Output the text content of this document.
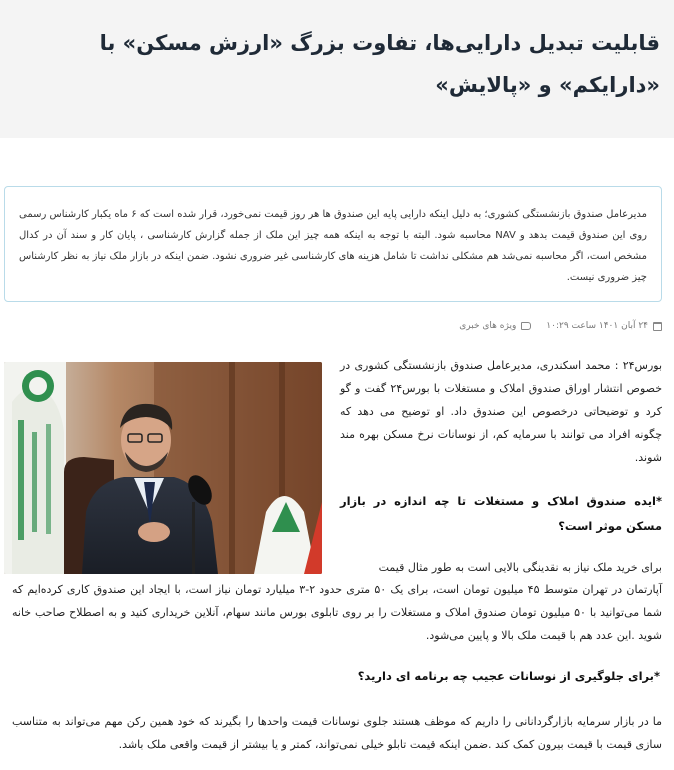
قابلیت تبدیل دارایی‌ها، تفاوت بزرگ «ارزش مسکن» با «دارایکم» و «پالایش»

مدیرعامل صندوق بازنشستگی کشوری؛ به دلیل اینکه دارایی پایه این صندوق ها هر روز قیمت نمی‌خورد، قرار شده است که ۶ ماه یکبار کارشناس رسمی روی این صندوق قیمت بدهد و NAV محاسبه شود. البته با توجه به اینکه همه چیز این ملک از جمله گزارش کارشناسی ، پایان کار و سند آن در کدال مشخص است، اگر محاسبه نمی‌شد هم مشکلی نداشت تا شامل هزینه های کارشناسی غیر ضروری نشود. ضمن اینکه در بازار ملک نیاز به نظر کارشناس چیز ضروری نیست.

۲۴ آبان ۱۴۰۱ ساعت ۱۰:۲۹
ویژه های خبری

بورس۲۴ : محمد اسکندری، مدیرعامل صندوق بازنشستگی کشوری در خصوص انتشار اوراق صندوق املاک و مستغلات با بورس۲۴ گفت و گو کرد و توضیحاتی درخصوص این صندوق داد. او توضیح می دهد که چگونه افراد می توانند با سرمایه کم، از نوسانات نرخ مسکن بهره مند شوند.

*ایده صندوق املاک و مستغلات تا چه اندازه در بازار مسکن موثر است؟

برای خرید ملک نیاز به نقدینگی بالایی است به طور مثال قیمت

آپارتمان در تهران متوسط ۴۵ میلیون تومان است، برای یک ۵۰ متری حدود ۲-۳ میلیارد تومان نیاز است، با ایجاد این صندوق کاری کرده‌ایم که شما می‌توانید با ۵۰ میلیون تومان صندوق املاک و مستغلات را بر روی تابلوی بورس مانند سهام، آنلاین خریداری کنید و به اصطلاح صاحب خانه شوید .این عدد هم با قیمت ملک بالا و پایین می‌شود.

*برای جلوگیری از نوسانات عجیب چه برنامه ای دارید؟

ما در بازار سرمایه بازارگردانانی را داریم که موظف هستند جلوی نوسانات قیمت واحدها را بگیرند که خود همین رکن مهم می‌تواند به متناسب سازی قیمت با قیمت بیرون کمک کند .ضمن اینکه قیمت تابلو خیلی نمی‌تواند، کمتر و یا بیشتر از قیمت واقعی ملک باشد.
